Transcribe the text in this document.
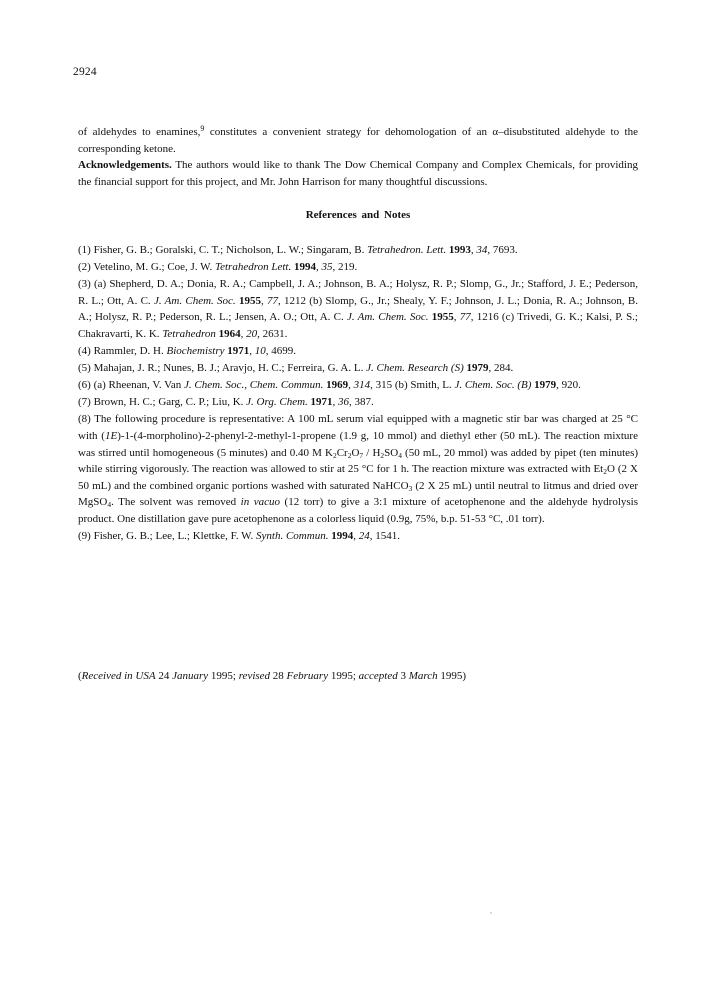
2924

of aldehydes to enamines,$^9$ constitutes a convenient strategy for dehomologation of an α–disubstituted aldehyde to the corresponding ketone.

Acknowledgements. The authors would like to thank The Dow Chemical Company and Complex Chemicals, for providing the financial support for this project, and Mr. John Harrison for many thoughtful discussions.

References and Notes

(1) Fisher, G. B.; Goralski, C. T.; Nicholson, L. W.; Singaram, B. Tetrahedron. Lett. 1993, 34, 7693.

(2) Vetelino, M. G.; Coe, J. W. Tetrahedron Lett. 1994, 35, 219.

(3) (a) Shepherd, D. A.; Donia, R. A.; Campbell, J. A.; Johnson, B. A.; Holysz, R. P.; Slomp, G., Jr.; Stafford, J. E.; Pederson, R. L.; Ott, A. C. J. Am. Chem. Soc. 1955, 77, 1212 (b) Slomp, G., Jr.; Shealy, Y. F.; Johnson, J. L.; Donia, R. A.; Johnson, B. A.; Holysz, R. P.; Pederson, R. L.; Jensen, A. O.; Ott, A. C. J. Am. Chem. Soc. 1955, 77, 1216 (c) Trivedi, G. K.; Kalsi, P. S.; Chakravarti, K. K. Tetrahedron 1964, 20, 2631.

(4) Rammler, D. H. Biochemistry 1971, 10, 4699.

(5) Mahajan, J. R.; Nunes, B. J.; Aravjo, H. C.; Ferreira, G. A. L. J. Chem. Research (S) 1979, 284.

(6) (a) Rheenan, V. Van J. Chem. Soc., Chem. Commun. 1969, 314, 315 (b) Smith, L. J. Chem. Soc. (B) 1979, 920.

(7) Brown, H. C.; Garg, C. P.; Liu, K. J. Org. Chem. 1971, 36, 387.

(8) The following procedure is representative: A 100 mL serum vial equipped with a magnetic stir bar was charged at 25 °C with (1E)-1-(4-morpholino)-2-phenyl-2-methyl-1-propene (1.9 g, 10 mmol) and diethyl ether (50 mL). The reaction mixture was stirred until homogeneous (5 minutes) and 0.40 M $K_2Cr_2O_7 / H_2SO_4$ (50 mL, 20 mmol) was added by pipet (ten minutes) while stirring vigorously. The reaction was allowed to stir at 25 °C for 1 h. The reaction mixture was extracted with $Et_2O$ (2 X 50 mL) and the combined organic portions washed with saturated NaHCO$_3$ (2 X 25 mL) until neutral to litmus and dried over MgSO$_4$. The solvent was removed in vacuo (12 torr) to give a 3:1 mixture of acetophenone and the aldehyde hydrolysis product. One distillation gave pure acetophenone as a colorless liquid (0.9g, 75%, b.p. 51-53 °C, .01 torr).

(9) Fisher, G. B.; Lee, L.; Klettke, F. W. Synth. Commun. 1994, 24, 1541.

(Received in USA 24 January 1995; revised 28 February 1995; accepted 3 March 1995)
